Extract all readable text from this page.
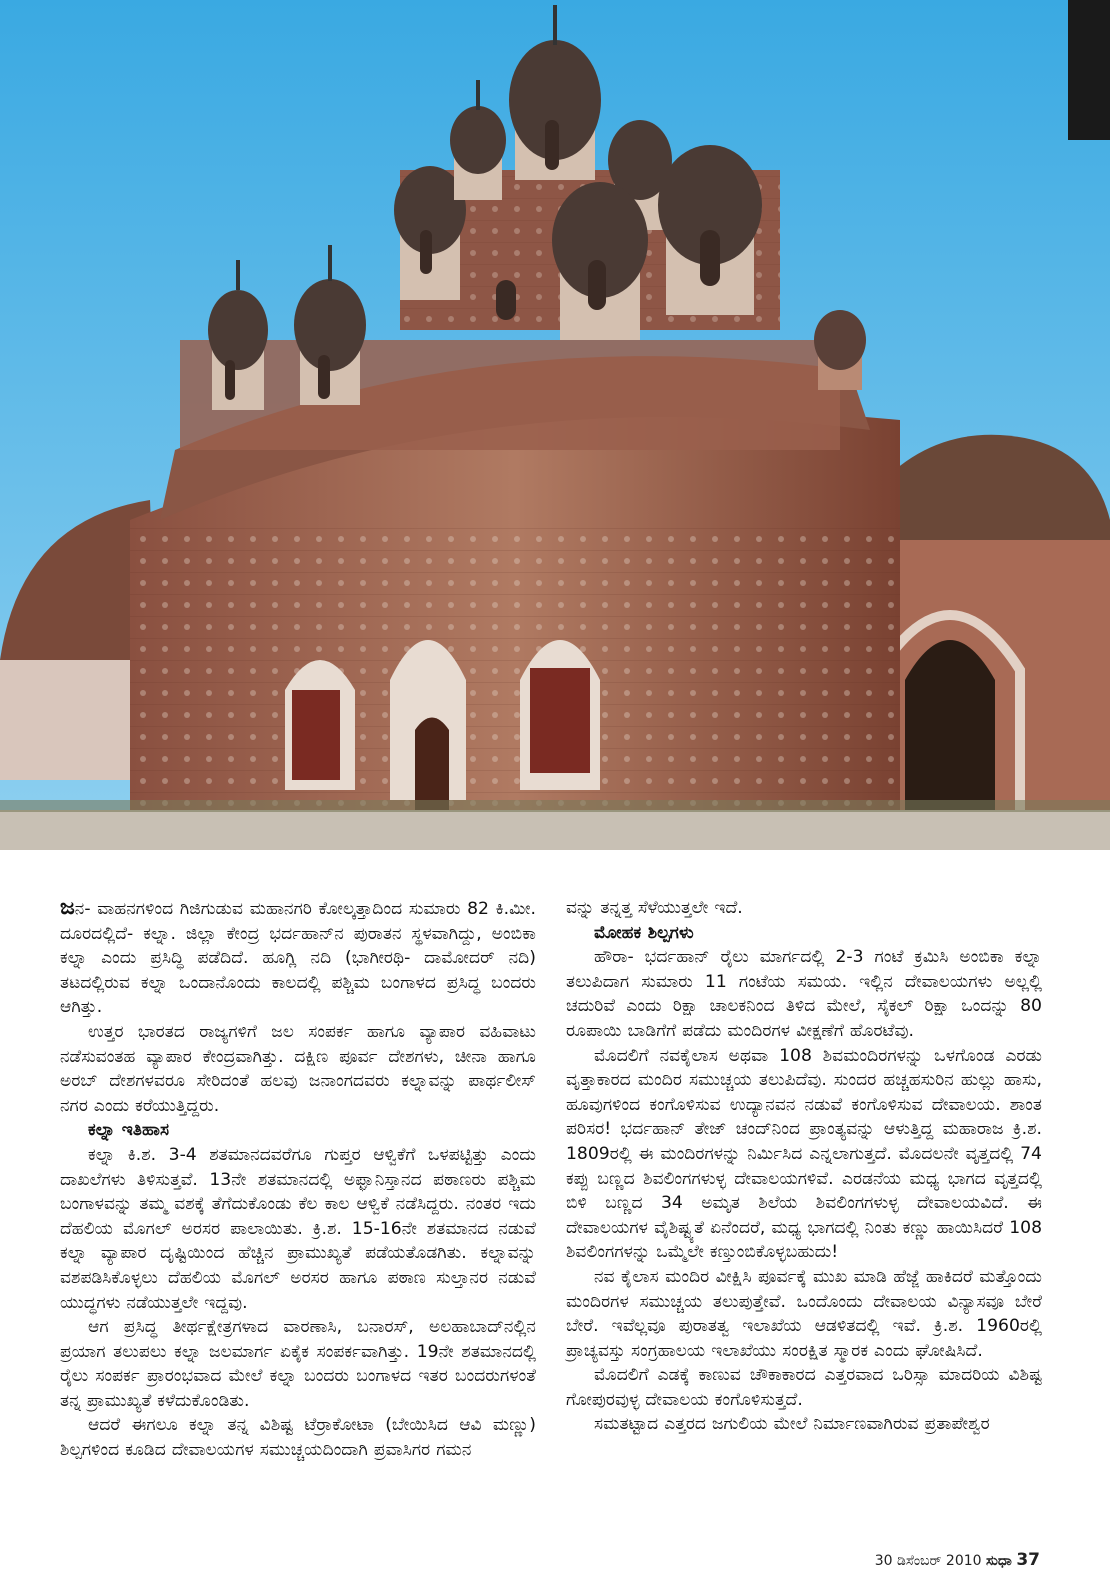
ಜನ- ವಾಹನಗಳಿಂದ ಗಿಜಿಗುಡುವ ಮಹಾನಗರಿ ಕೋಲ್ಕತ್ತಾದಿಂದ ಸುಮಾರು 82 ಕಿ.ಮೀ. ದೂರದಲ್ಲಿದೆ- ಕಲ್ನಾ. ಜಿಲ್ಲಾ ಕೇಂದ್ರ ಭರ್ದಹಾನ್‌ನ ಪುರಾತನ ಸ್ಥಳವಾಗಿದ್ದು, ಅಂಬಿಕಾ ಕಲ್ನಾ ಎಂದು ಪ್ರಸಿದ್ಧಿ ಪಡೆದಿದೆ. ಹೂಗ್ಲಿ ನದಿ (ಭಾಗೀರಥಿ- ದಾಮೋದರ್ ನದಿ) ತಟದಲ್ಲಿರುವ ಕಲ್ನಾ ಒಂದಾನೊಂದು ಕಾಲದಲ್ಲಿ ಪಶ್ಚಿಮ ಬಂಗಾಳದ ಪ್ರಸಿದ್ಧ ಬಂದರು ಆಗಿತ್ತು.

ಉತ್ತರ ಭಾರತದ ರಾಜ್ಯಗಳಿಗೆ ಜಲ ಸಂಪರ್ಕ ಹಾಗೂ ವ್ಯಾಪಾರ ವಹಿವಾಟು ನಡೆಸುವಂತಹ ವ್ಯಾಪಾರ ಕೇಂದ್ರವಾಗಿತ್ತು. ದಕ್ಷಿಣ ಪೂರ್ವ ದೇಶಗಳು, ಚೀನಾ ಹಾಗೂ ಅರಬ್ ದೇಶಗಳವರೂ ಸೇರಿದಂತೆ ಹಲವು ಜನಾಂಗದವರು ಕಲ್ನಾವನ್ನು ಪಾರ್ಥಲೀಸ್ ನಗರ ಎಂದು ಕರೆಯುತ್ತಿದ್ದರು.

ಕಲ್ನಾ ಇತಿಹಾಸ

ಕಲ್ನಾ ಕಿ.ಶ. 3-4 ಶತಮಾನದವರೆಗೂ ಗುಪ್ತರ ಆಳ್ವಿಕೆಗೆ ಒಳಪಟ್ಟಿತ್ತು ಎಂದು ದಾಖಲೆಗಳು ತಿಳಿಸುತ್ತವೆ. 13ನೇ ಶತಮಾನದಲ್ಲಿ ಅಫ್ಘಾನಿಸ್ತಾನದ ಪಠಾಣರು ಪಶ್ಚಿಮ ಬಂಗಾಳವನ್ನು ತಮ್ಮ ವಶಕ್ಕೆ ತೆಗೆದುಕೊಂಡು ಕೆಲ ಕಾಲ ಆಳ್ವಿಕೆ ನಡೆಸಿದ್ದರು. ನಂತರ ಇದು ದೆಹಲಿಯ ಮೊಗಲ್ ಅರಸರ ಪಾಲಾಯಿತು. ಕ್ರಿ.ಶ. 15-16ನೇ ಶತಮಾನದ ನಡುವೆ ಕಲ್ನಾ ವ್ಯಾಪಾರ ದೃಷ್ಟಿಯಿಂದ ಹೆಚ್ಚಿನ ಪ್ರಾಮುಖ್ಯತೆ ಪಡೆಯತೊಡಗಿತು. ಕಲ್ನಾವನ್ನು ವಶಪಡಿಸಿಕೊಳ್ಳಲು ದೆಹಲಿಯ ಮೊಗಲ್ ಅರಸರ ಹಾಗೂ ಪಠಾಣ ಸುಲ್ತಾನರ ನಡುವೆ ಯುದ್ಧಗಳು ನಡೆಯುತ್ತಲೇ ಇದ್ದವು.

ಆಗ ಪ್ರಸಿದ್ಧ ತೀರ್ಥಕ್ಷೇತ್ರಗಳಾದ ವಾರಣಾಸಿ, ಬನಾರಸ್, ಅಲಹಾಬಾದ್‌ನಲ್ಲಿನ ಪ್ರಯಾಗ ತಲುಪಲು ಕಲ್ನಾ ಜಲಮಾರ್ಗ ಏಕೈಕ ಸಂಪರ್ಕವಾಗಿತ್ತು. 19ನೇ ಶತಮಾನದಲ್ಲಿ ರೈಲು ಸಂಪರ್ಕ ಪ್ರಾರಂಭವಾದ ಮೇಲೆ ಕಲ್ನಾ ಬಂದರು ಬಂಗಾಳದ ಇತರ ಬಂದರುಗಳಂತೆ ತನ್ನ ಪ್ರಾಮುಖ್ಯತೆ ಕಳೆದುಕೊಂಡಿತು.

ಆದರೆ ಈಗಲೂ ಕಲ್ನಾ ತನ್ನ ವಿಶಿಷ್ಟ ಟೆರ್ರಾಕೋಟಾ (ಬೇಯಿಸಿದ ಆವಿ ಮಣ್ಣು) ಶಿಲ್ಪಗಳಿಂದ ಕೂಡಿದ ದೇವಾಲಯಗಳ ಸಮುಚ್ಚಯದಿಂದಾಗಿ ಪ್ರವಾಸಿಗರ ಗಮನ

ವನ್ನು ತನ್ನತ್ತ ಸೆಳೆಯುತ್ತಲೇ ಇದೆ.

ಮೋಹಕ ಶಿಲ್ಪಗಳು

ಹೌರಾ- ಭರ್ದಹಾನ್ ರೈಲು ಮಾರ್ಗದಲ್ಲಿ 2-3 ಗಂಟೆ ಕ್ರಮಿಸಿ ಅಂಬಿಕಾ ಕಲ್ನಾ ತಲುಪಿದಾಗ ಸುಮಾರು 11 ಗಂಟೆಯ ಸಮಯ. ಇಲ್ಲಿನ ದೇವಾಲಯಗಳು ಅಲ್ಲಲ್ಲಿ ಚದುರಿವೆ ಎಂದು ರಿಕ್ಷಾ ಚಾಲಕನಿಂದ ತಿಳಿದ ಮೇಲೆ, ಸೈಕಲ್ ರಿಕ್ಷಾ ಒಂದನ್ನು 80 ರೂಪಾಯಿ ಬಾಡಿಗೆಗೆ ಪಡೆದು ಮಂದಿರಗಳ ವೀಕ್ಷಣೆಗೆ ಹೊರಟೆವು.

ಮೊದಲಿಗೆ ನವಕೈಲಾಸ ಅಥವಾ 108 ಶಿವಮಂದಿರಗಳನ್ನು ಒಳಗೊಂಡ ಎರಡು ವೃತ್ತಾಕಾರದ ಮಂದಿರ ಸಮುಚ್ಚಯ ತಲುಪಿದೆವು. ಸುಂದರ ಹಚ್ಚಹಸುರಿನ ಹುಲ್ಲು ಹಾಸು, ಹೂವುಗಳಿಂದ ಕಂಗೊಳಿಸುವ ಉದ್ಯಾನವನ ನಡುವೆ ಕಂಗೊಳಿಸುವ ದೇವಾಲಯ. ಶಾಂತ ಪರಿಸರ! ಭರ್ದಹಾನ್ ತೇಜ್ ಚಂದ್‌ನಿಂದ ಪ್ರಾಂತ್ಯವನ್ನು ಆಳುತ್ತಿದ್ದ ಮಹಾರಾಜ ಕ್ರಿ.ಶ. 1809ರಲ್ಲಿ ಈ ಮಂದಿರಗಳನ್ನು ನಿರ್ಮಿಸಿದ ಎನ್ನಲಾಗುತ್ತದೆ. ಮೊದಲನೇ ವೃತ್ತದಲ್ಲಿ 74 ಕಪ್ಪು ಬಣ್ಣದ ಶಿವಲಿಂಗಗಳುಳ್ಳ ದೇವಾಲಯಗಳಿವೆ. ಎರಡನೆಯ ಮಧ್ಯ ಭಾಗದ ವೃತ್ತದಲ್ಲಿ ಬಿಳಿ ಬಣ್ಣದ 34 ಅಮೃತ ಶಿಲೆಯ ಶಿವಲಿಂಗಗಳುಳ್ಳ ದೇವಾಲಯವಿದೆ. ಈ ದೇವಾಲಯಗಳ ವೈಶಿಷ್ಟ್ಯತೆ ಏನೆಂದರೆ, ಮಧ್ಯ ಭಾಗದಲ್ಲಿ ನಿಂತು ಕಣ್ಣು ಹಾಯಿಸಿದರೆ 108 ಶಿವಲಿಂಗಗಳನ್ನು ಒಮ್ಮೆಲೇ ಕಣ್ತುಂಬಿಕೊಳ್ಳಬಹುದು!

ನವ ಕೈಲಾಸ ಮಂದಿರ ವೀಕ್ಷಿಸಿ ಪೂರ್ವಕ್ಕೆ ಮುಖ ಮಾಡಿ ಹೆಜ್ಜೆ ಹಾಕಿದರೆ ಮತ್ತೊಂದು ಮಂದಿರಗಳ ಸಮುಚ್ಚಯ ತಲುಪುತ್ತೇವೆ. ಒಂದೊಂದು ದೇವಾಲಯ ವಿನ್ಯಾಸವೂ ಬೇರೆ ಬೇರೆ. ಇವೆಲ್ಲವೂ ಪುರಾತತ್ವ ಇಲಾಖೆಯ ಆಡಳಿತದಲ್ಲಿ ಇವೆ. ಕ್ರಿ.ಶ. 1960ರಲ್ಲಿ ಪ್ರಾಚ್ಯವಸ್ತು ಸಂಗ್ರಹಾಲಯ ಇಲಾಖೆಯು ಸಂರಕ್ಷಿತ ಸ್ಮಾರಕ ಎಂದು ಘೋಷಿಸಿದೆ.

ಮೊದಲಿಗೆ ಎಡಕ್ಕೆ ಕಾಣುವ ಚೌಕಾಕಾರದ ಎತ್ತರವಾದ ಒರಿಸ್ಸಾ ಮಾದರಿಯ ವಿಶಿಷ್ಟ ಗೋಪುರವುಳ್ಳ ದೇವಾಲಯ ಕಂಗೊಳಿಸುತ್ತದೆ.

ಸಮತಟ್ಟಾದ ಎತ್ತರದ ಜಗುಲಿಯ ಮೇಲೆ ನಿರ್ಮಾಣವಾಗಿರುವ ಪ್ರತಾಪೇಶ್ವರ

30 ಡಿಸೆಂಬರ್ 2010 ಸುಧಾ 37
